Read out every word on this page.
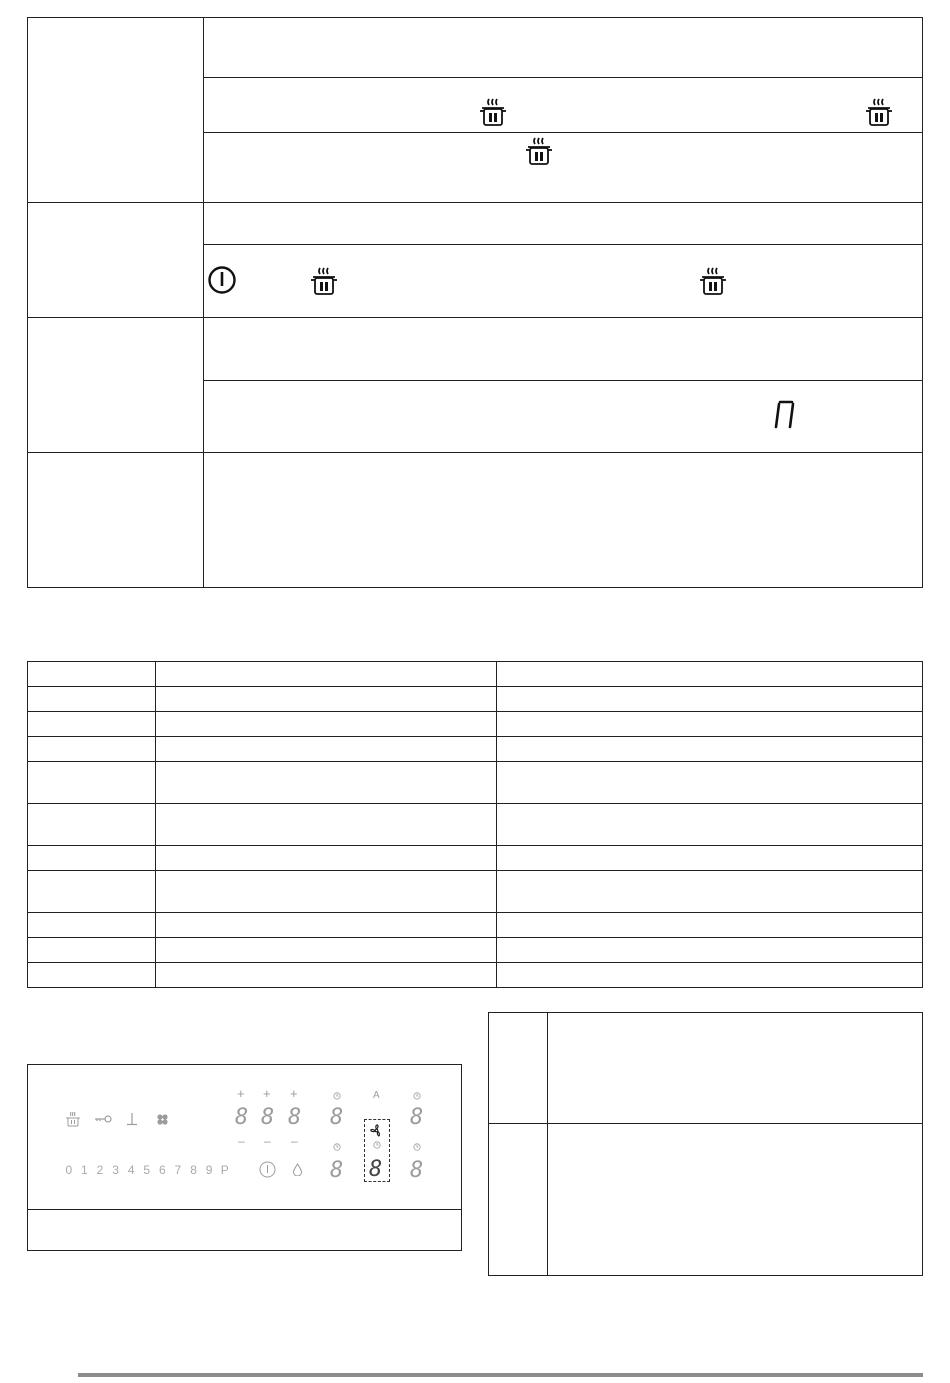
0 1 2 3 4 5 6 7 8 9 P
+ + +
8 8 8
– – –
8
8
8
8
A
8
